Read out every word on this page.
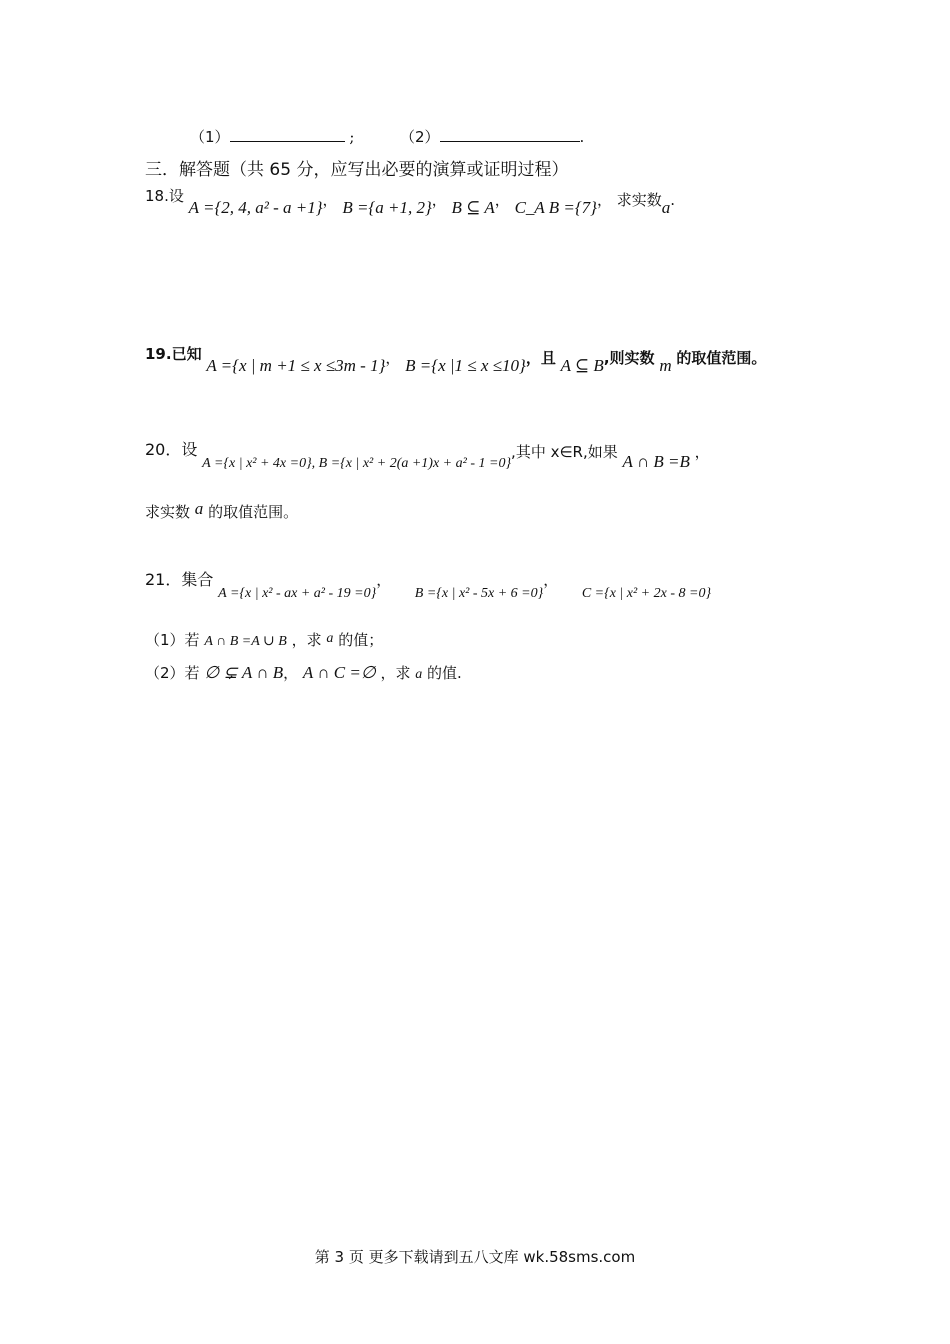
（1）	;	（2）	.
三．解答题（共 65 分，应写出必要的演算或证明过程）
18.设 A ={2, 4, a² - a +1}， B ={a +1, 2}， B ⊆ A， C_A B ={7}， 求实数a.
19.已知 A ={x | m +1 ≤ x ≤3m - 1}， B ={x |1 ≤ x ≤10}，且 A ⊆ B,则实数 m 的取值范围。
20．设 A ={x | x² + 4x =0}, B ={x | x² + 2(a +1)x + a² - 1 =0},其中 x∈R,如果 A ∩ B =B ，
求实数 a 的取值范围。
21．集合 A ={x | x² - ax + a² - 19 =0}，  B ={x | x² - 5x + 6 =0}，  C ={x | x² + 2x - 8 =0}
（1）若 A ∩ B =A ∪ B ，求 a 的值；
（2）若 ∅ ⊊ A ∩ B， A ∩ C =∅ ，求 a 的值.
第 3 页 更多下载请到五八文库 wk.58sms.com
